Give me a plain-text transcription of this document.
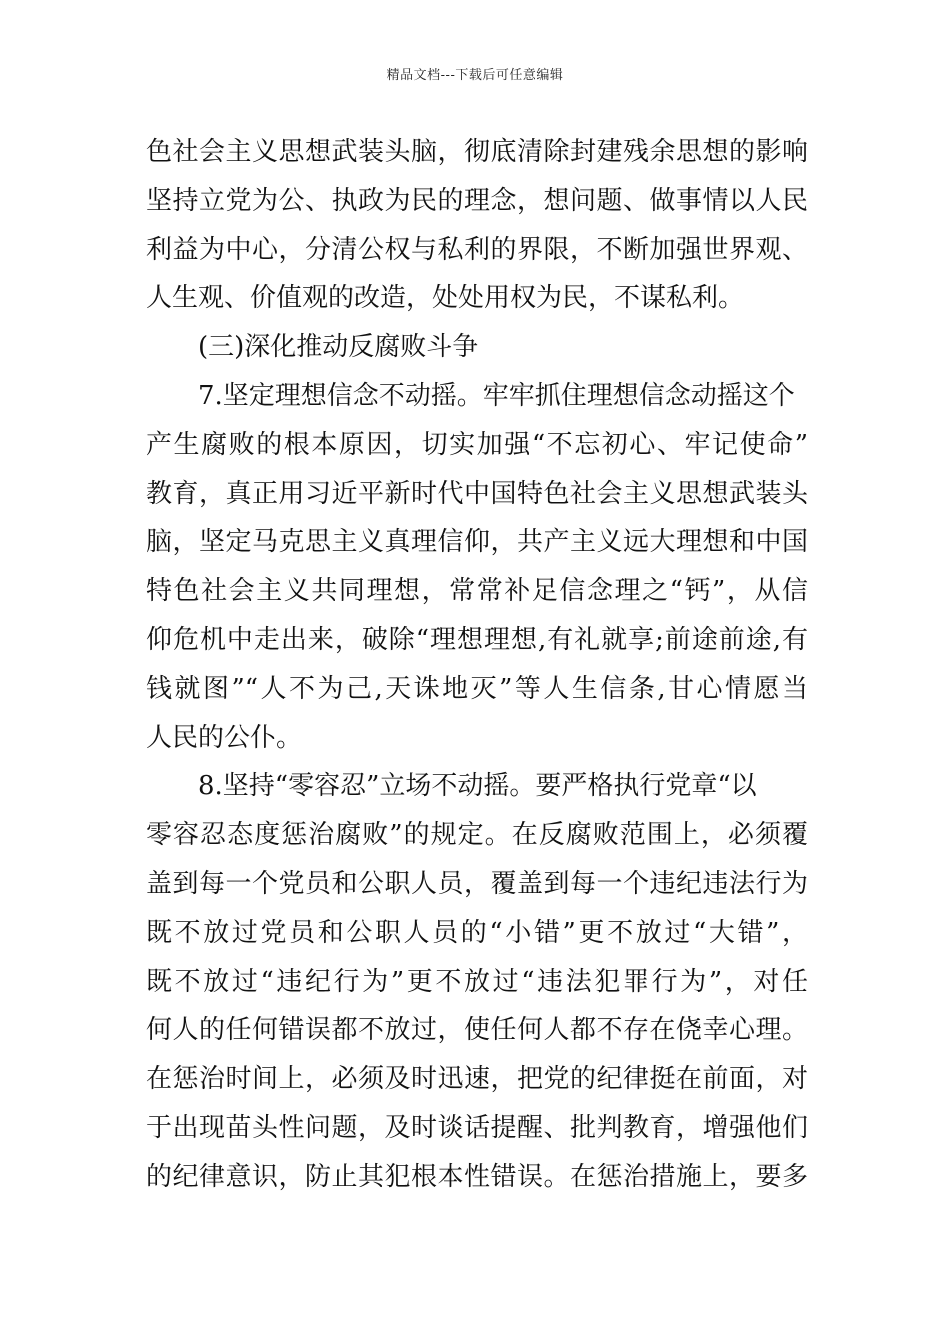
精品文档---下载后可任意编辑
色社会主义思想武装头脑，彻底清除封建残余思想的影响
坚持立党为公、执政为民的理念，想问题、做事情以人民
利益为中心，分清公权与私利的界限，不断加强世界观、
人生观、价值观的改造，处处用权为民，不谋私利。
(三)深化推动反腐败斗争
7.坚定理想信念不动摇。牢牢抓住理想信念动摇这个
产生腐败的根本原因，切实加强“不忘初心、牢记使命”
教育，真正用习近平新时代中国特色社会主义思想武装头
脑，坚定马克思主义真理信仰，共产主义远大理想和中国
特色社会主义共同理想，常常补足信念理之“钙”，从信
仰危机中走出来，破除“理想理想,有礼就享;前途前途,有
钱就图”“人不为己,天诛地灭”等人生信条,甘心情愿当
人民的公仆。
8.坚持“零容忍”立场不动摇。要严格执行党章“以
零容忍态度惩治腐败”的规定。在反腐败范围上，必须覆
盖到每一个党员和公职人员，覆盖到每一个违纪违法行为
既不放过党员和公职人员的“小错”更不放过“大错”，
既不放过“违纪行为”更不放过“违法犯罪行为”，对任
何人的任何错误都不放过，使任何人都不存在侥幸心理。
在惩治时间上，必须及时迅速，把党的纪律挺在前面，对
于出现苗头性问题，及时谈话提醒、批判教育，增强他们
的纪律意识，防止其犯根本性错误。在惩治措施上，要多
